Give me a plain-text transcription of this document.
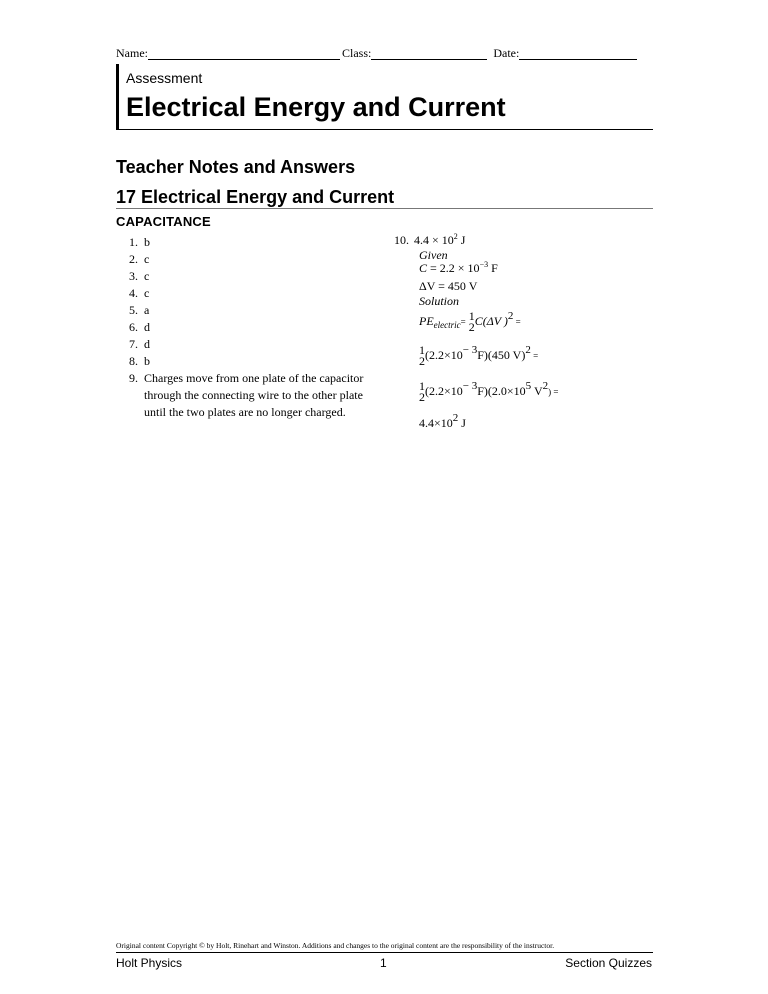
Name:	Class:	Date:
Assessment
Electrical Energy and Current
Teacher Notes and Answers
17 Electrical Energy and Current
CAPACITANCE
1. b
2. c
3. c
4. c
5. a
6. d
7. d
8. b
9. Charges move from one plate of the capacitor through the connecting wire to the other plate until the two plates are no longer charged.
10. $4.4 \times 10^2$ J
Given
$C = 2.2 \times 10^{-3}$ F
ΔV = 450 V
Solution
$PE_{electric}= 1$
2 C(ΔV )$^2$ =
1
2 $(2.2\times 10^{- 3}F)(450$ V)$^2$ =
1
2 $(2.2\times 10^{- 3}F)(2.0\times 10^5$ $V^2$) =
$4.4\times 10^2$ J
Original content Copyright © by Holt, Rinehart and Winston. Additions and changes to the original content are the responsibility of the instructor.
Holt Physics	1	Section Quizzes
